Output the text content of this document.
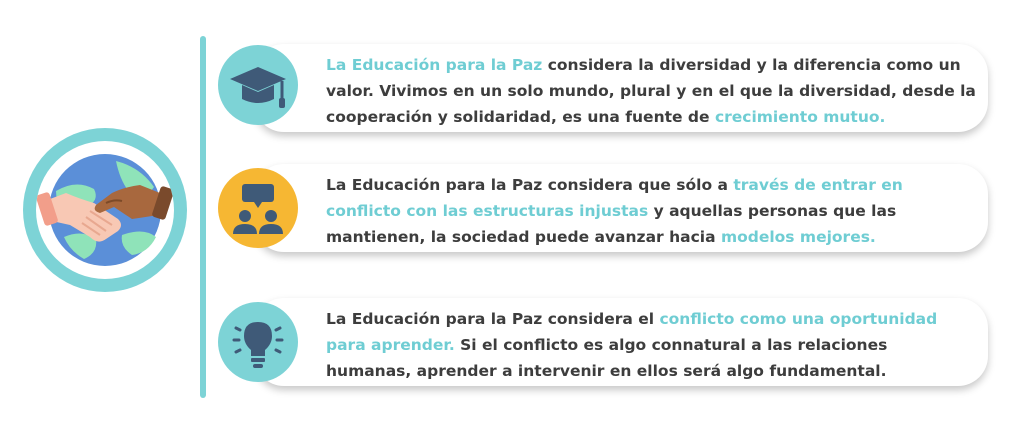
La Educación para la Paz considera la diversidad y la diferencia como un valor. Vivimos en un solo mundo, plural y en el que la diversidad, desde la cooperación y solidaridad, es una fuente de crecimiento mutuo.
La Educación para la Paz considera que sólo a través de entrar en conflicto con las estructuras injustas y aquellas personas que las mantienen, la sociedad puede avanzar hacia modelos mejores.
La Educación para la Paz considera el conflicto como una oportunidad para aprender. Si el conflicto es algo connatural a las relaciones humanas, aprender a intervenir en ellos será algo fundamental.
